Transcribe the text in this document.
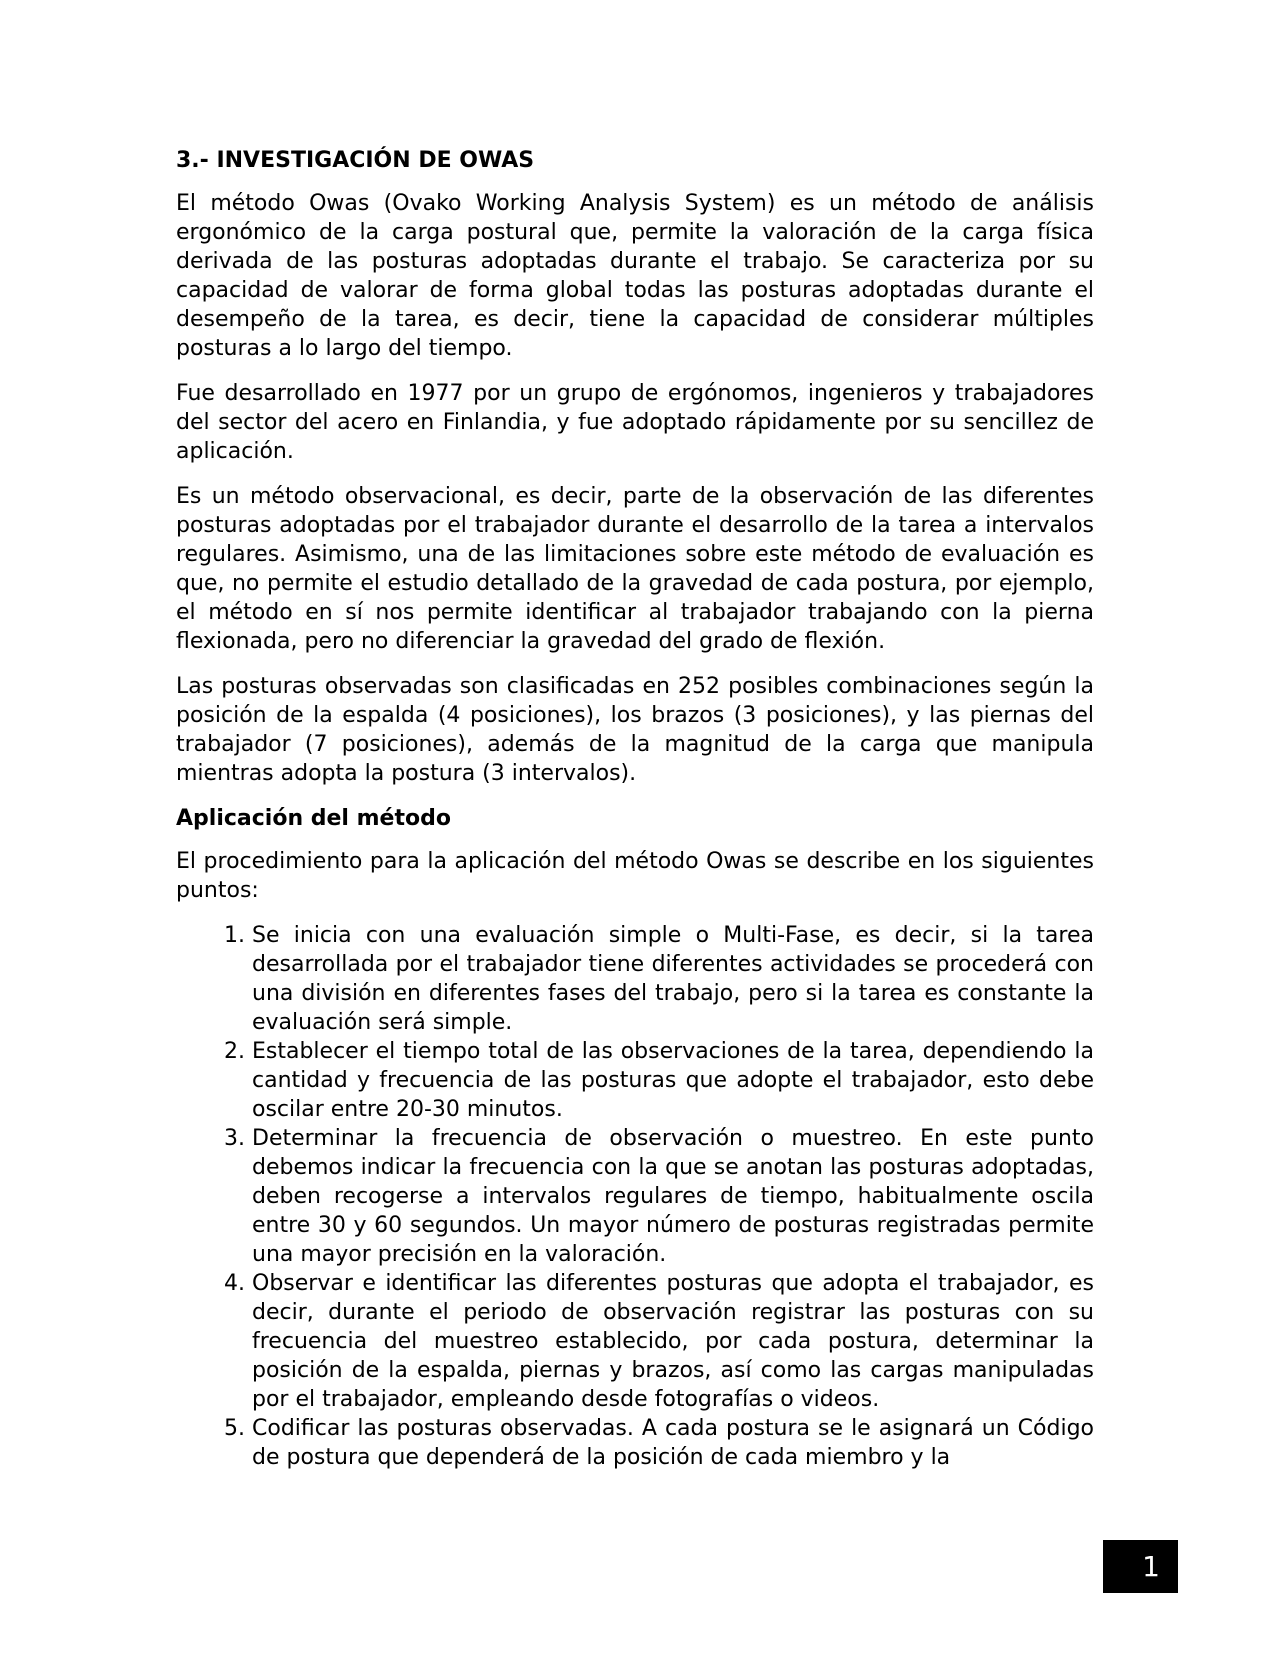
3.- INVESTIGACIÓN DE OWAS

El método Owas (Ovako Working Analysis System) es un método de análisis ergonómico de la carga postural que, permite la valoración de la carga física derivada de las posturas adoptadas durante el trabajo. Se caracteriza por su capacidad de valorar de forma global todas las posturas adoptadas durante el desempeño de la tarea, es decir, tiene la capacidad de considerar múltiples posturas a lo largo del tiempo.

Fue desarrollado en 1977 por un grupo de ergónomos, ingenieros y trabajadores del sector del acero en Finlandia, y fue adoptado rápidamente por su sencillez de aplicación.

Es un método observacional, es decir, parte de la observación de las diferentes posturas adoptadas por el trabajador durante el desarrollo de la tarea a intervalos regulares. Asimismo, una de las limitaciones sobre este método de evaluación es que, no permite el estudio detallado de la gravedad de cada postura, por ejemplo, el método en sí nos permite identificar al trabajador trabajando con la pierna flexionada, pero no diferenciar la gravedad del grado de flexión.

Las posturas observadas son clasificadas en 252 posibles combinaciones según la posición de la espalda (4 posiciones), los brazos (3 posiciones), y las piernas del trabajador (7 posiciones), además de la magnitud de la carga que manipula mientras adopta la postura (3 intervalos).

Aplicación del método

El procedimiento para la aplicación del método Owas se describe en los siguientes puntos:

1. Se inicia con una evaluación simple o Multi-Fase, es decir, si la tarea desarrollada por el trabajador tiene diferentes actividades se procederá con una división en diferentes fases del trabajo, pero si la tarea es constante la evaluación será simple.
2. Establecer el tiempo total de las observaciones de la tarea, dependiendo la cantidad y frecuencia de las posturas que adopte el trabajador, esto debe oscilar entre 20-30 minutos.
3. Determinar la frecuencia de observación o muestreo. En este punto debemos indicar la frecuencia con la que se anotan las posturas adoptadas, deben recogerse a intervalos regulares de tiempo, habitualmente oscila entre 30 y 60 segundos. Un mayor número de posturas registradas permite una mayor precisión en la valoración.
4. Observar e identificar las diferentes posturas que adopta el trabajador, es decir, durante el periodo de observación registrar las posturas con su frecuencia del muestreo establecido, por cada postura, determinar la posición de la espalda, piernas y brazos, así como las cargas manipuladas por el trabajador, empleando desde fotografías o videos.
5. Codificar las posturas observadas. A cada postura se le asignará un Código de postura que dependerá de la posición de cada miembro y la
1
